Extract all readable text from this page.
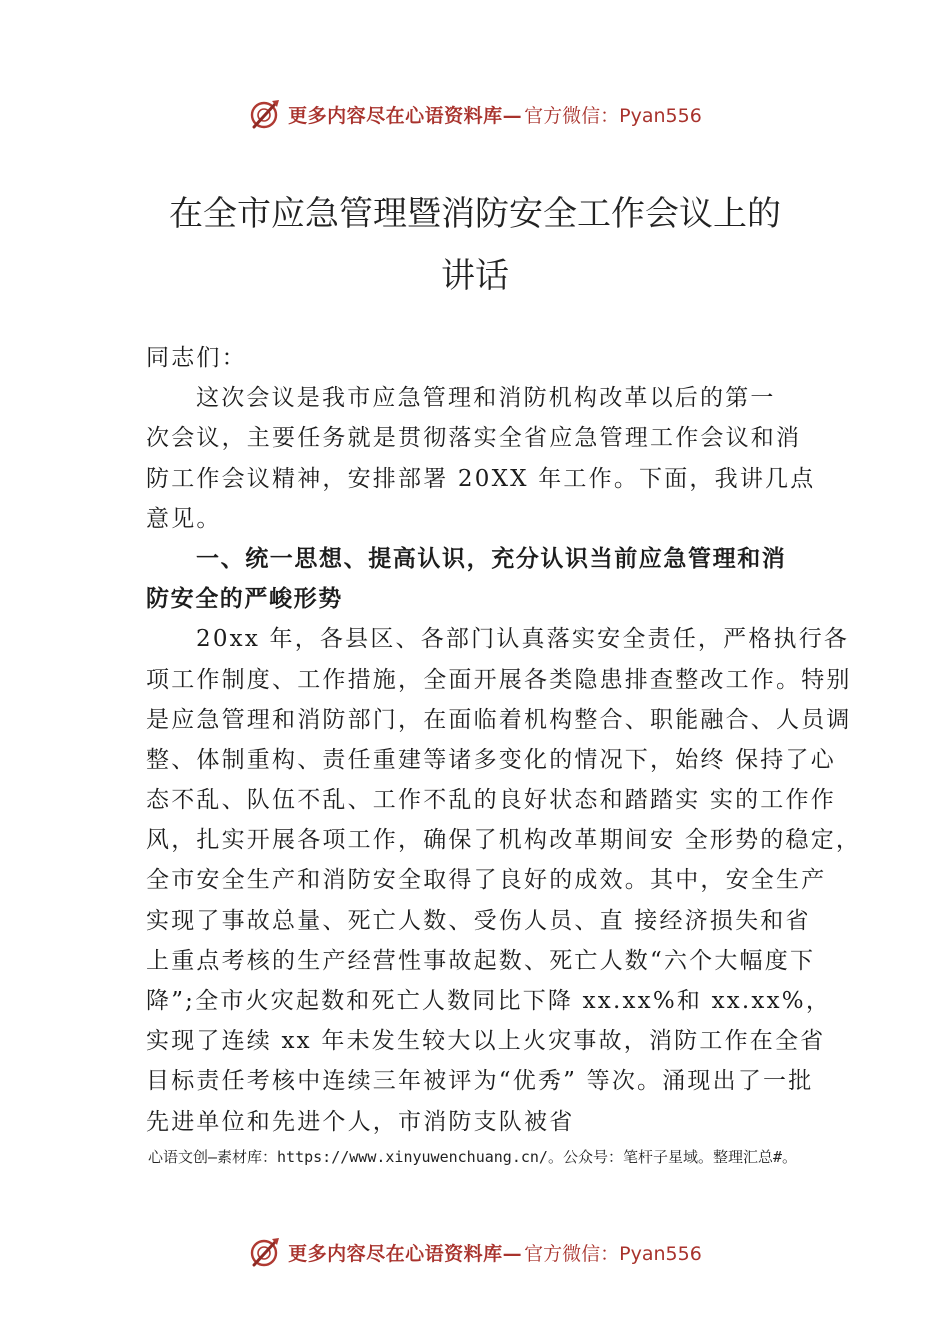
更多内容尽在心语资料库— 官方微信：Pyan556
在全市应急管理暨消防安全工作会议上的
讲话
同志们：
这次会议是我市应急管理和消防机构改革以后的第一
次会议，主要任务就是贯彻落实全省应急管理工作会议和消
防工作会议精神，安排部署 20XX 年工作。下面，我讲几点
意见。
一、统一思想、提高认识，充分认识当前应急管理和消
防安全的严峻形势
20xx 年，各县区、各部门认真落实安全责任，严格执行各
项工作制度、工作措施，全面开展各类隐患排查整改工作。特别
是应急管理和消防部门，在面临着机构整合、职能融合、人员调
整、体制重构、责任重建等诸多变化的情况下，始终 保持了心
态不乱、队伍不乱、工作不乱的良好状态和踏踏实 实的工作作
风，扎实开展各项工作，确保了机构改革期间安 全形势的稳定，
全市安全生产和消防安全取得了良好的成效。其中，安全生产
实现了事故总量、死亡人数、受伤人员、直 接经济损失和省
上重点考核的生产经营性事故起数、死亡人数“六个大幅度下
降”;全市火灾起数和死亡人数同比下降 xx.xx%和 xx.xx%，
实现了连续 xx 年未发生较大以上火灾事故，消防工作在全省
目标责任考核中连续三年被评为“优秀” 等次。涌现出了一批
先进单位和先进个人，市消防支队被省
心语文创—素材库：https://www.xinyuwenchuang.cn/。公众号：笔杆子星域。整理汇总#。
更多内容尽在心语资料库— 官方微信：Pyan556
